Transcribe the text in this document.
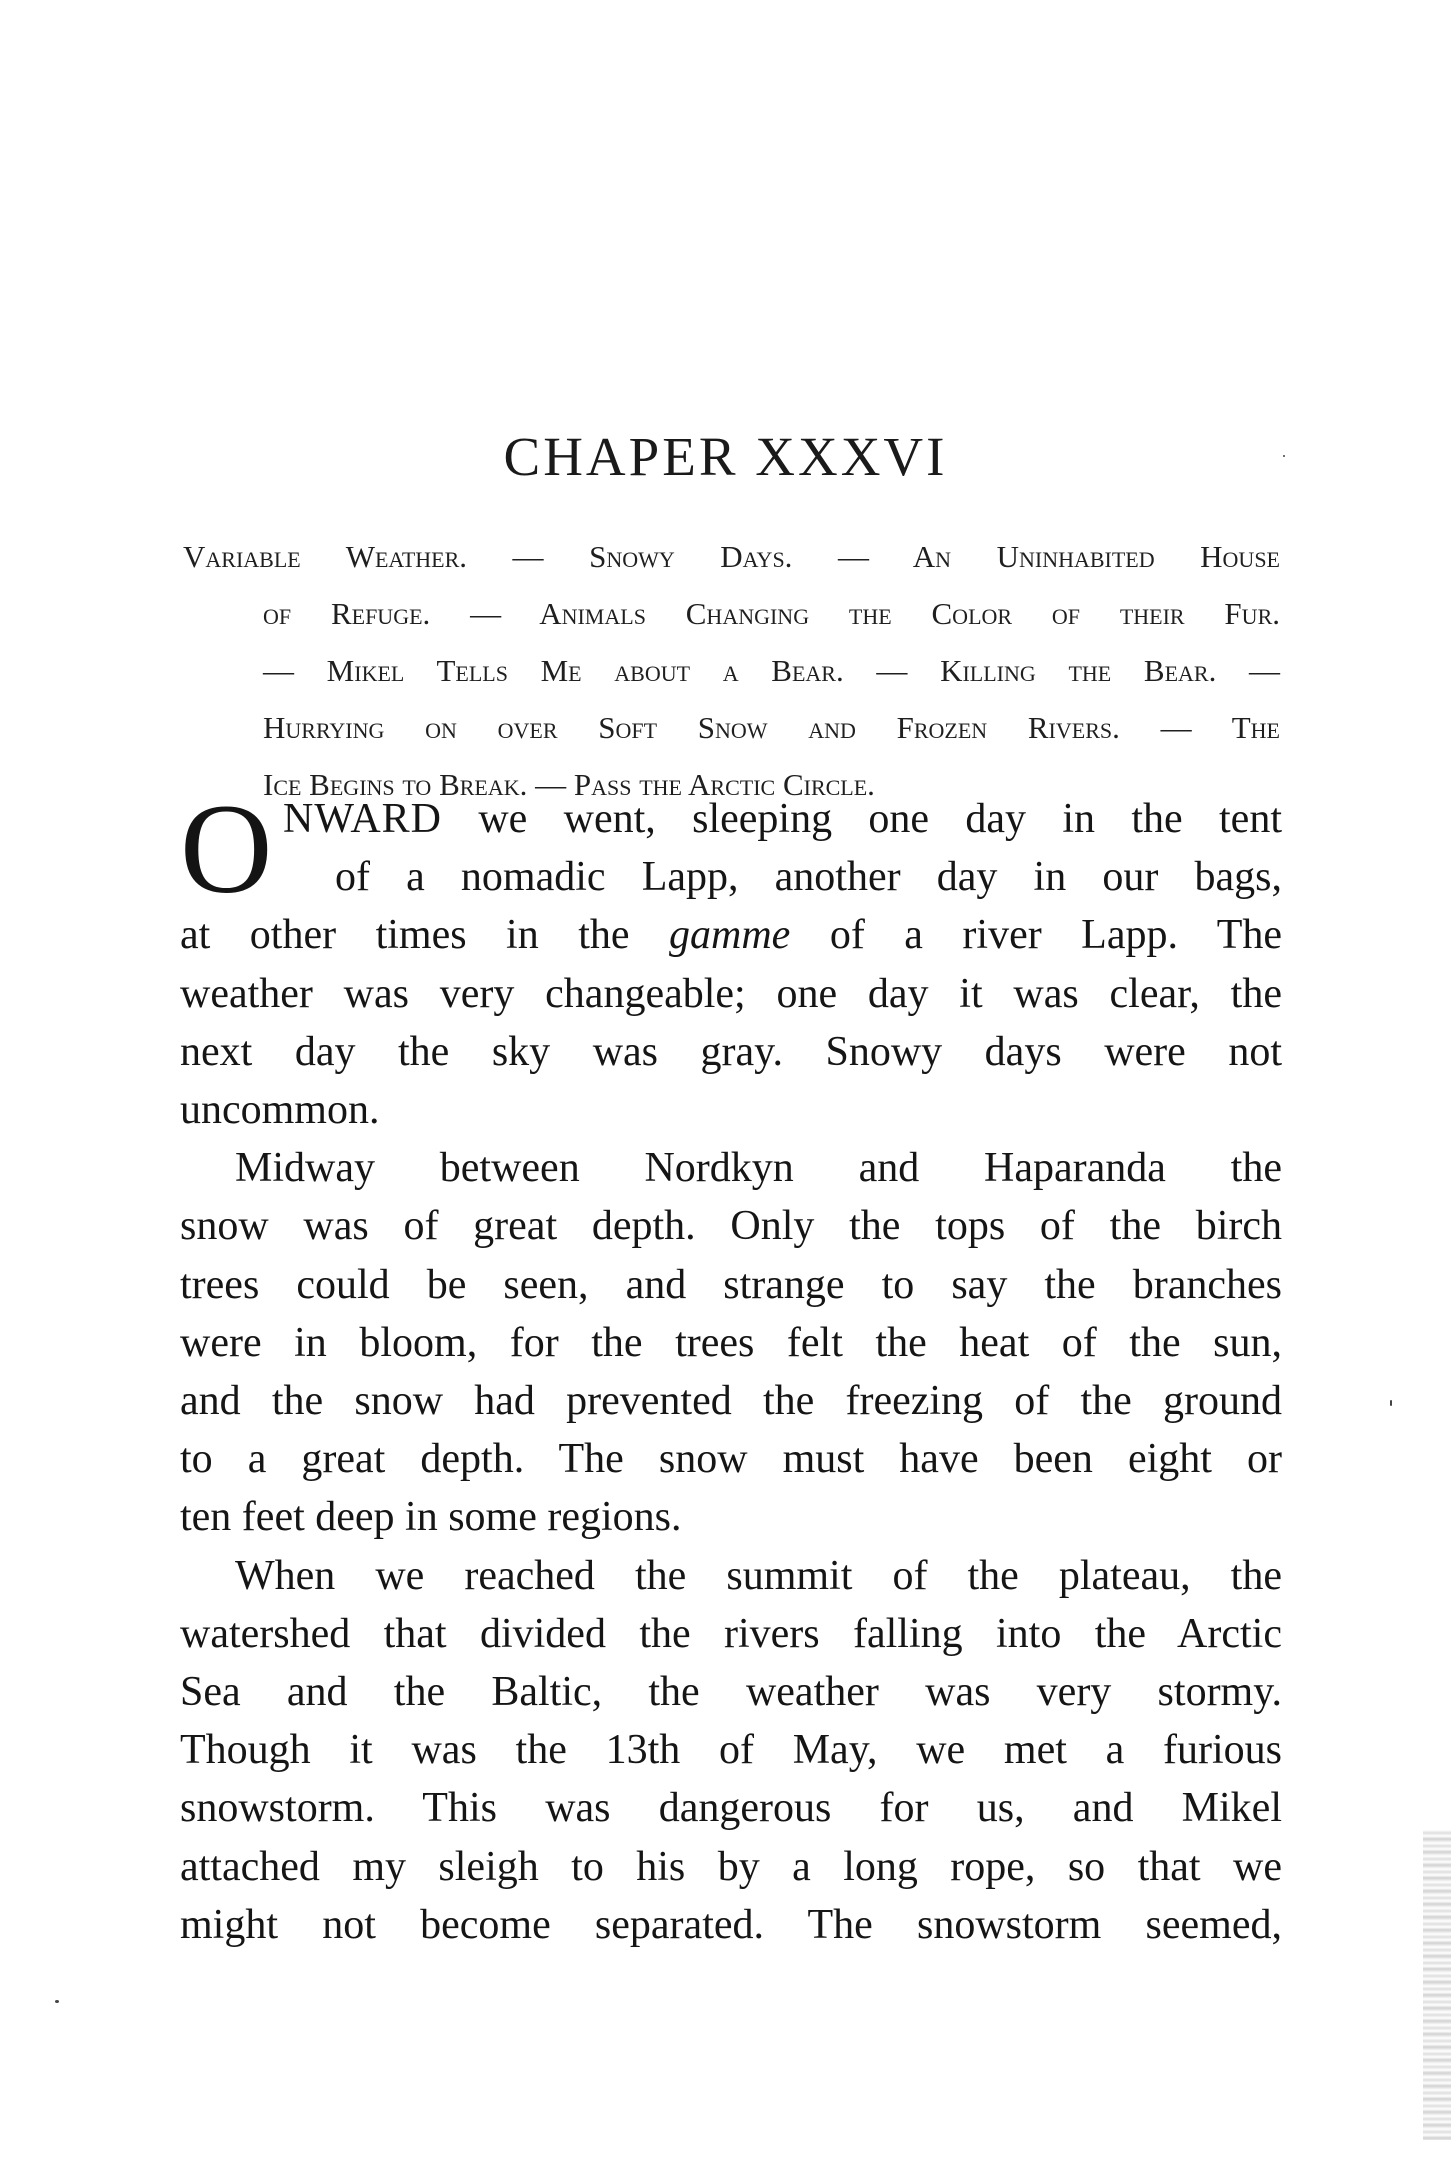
CHAPER XXXVI
Variable Weather. — Snowy Days. — An Uninhabited House
of Refuge. — Animals Changing the Color of their Fur.
— Mikel Tells Me about a Bear. — Killing the Bear. —
Hurrying on over Soft Snow and Frozen Rivers. — The
Ice Begins to Break. — Pass the Arctic Circle.
O NWARD we went, sleeping one day in the tent
of a nomadic Lapp, another day in our bags,
at other times in the gamme of a river Lapp. The
weather was very changeable; one day it was clear, the
next day the sky was gray. Snowy days were not
uncommon.
Midway between Nordkyn and Haparanda the
snow was of great depth. Only the tops of the birch
trees could be seen, and strange to say the branches
were in bloom, for the trees felt the heat of the sun,
and the snow had prevented the freezing of the ground
to a great depth. The snow must have been eight or
ten feet deep in some regions.
When we reached the summit of the plateau, the
watershed that divided the rivers falling into the Arctic
Sea and the Baltic, the weather was very stormy.
Though it was the 13th of May, we met a furious
snowstorm. This was dangerous for us, and Mikel
attached my sleigh to his by a long rope, so that we
might not become separated. The snowstorm seemed,
